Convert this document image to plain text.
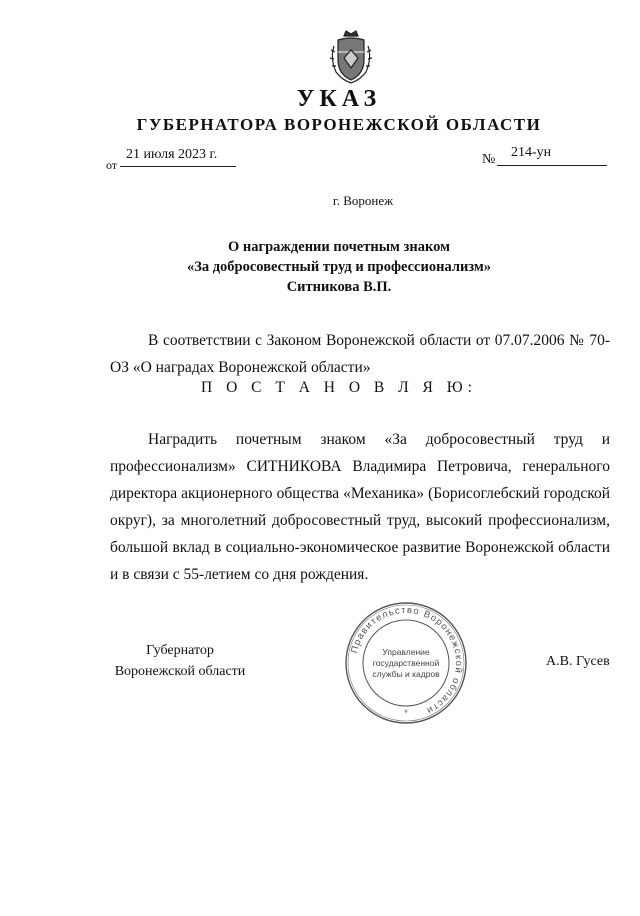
УКАЗ
ГУБЕРНАТОРА ВОРОНЕЖСКОЙ ОБЛАСТИ
от
21 июля 2023 г.	№	214-ун
г. Воронеж
О награждении почетным знаком
«За добросовестный труд и профессионализм»
Ситникова В.П.
В соответствии с Законом Воронежской области от 07.07.2006 № 70-ОЗ «О наградах Воронежской области»
П О С Т А Н О В Л Я Ю:
Наградить почетным знаком «За добросовестный труд и профессионализм» СИТНИКОВА Владимира Петровича, генерального директора акционерного общества «Механика» (Борисоглебский городской округ), за многолетний добросовестный труд, высокий профессионализм, большой вклад в социально-экономическое развитие Воронежской области и в связи с 55-летием со дня рождения.
Губернатор
Воронежской области
Правительство Воронежской области
Управление
государственной
службы и кадров
*
А.В. Гусев
